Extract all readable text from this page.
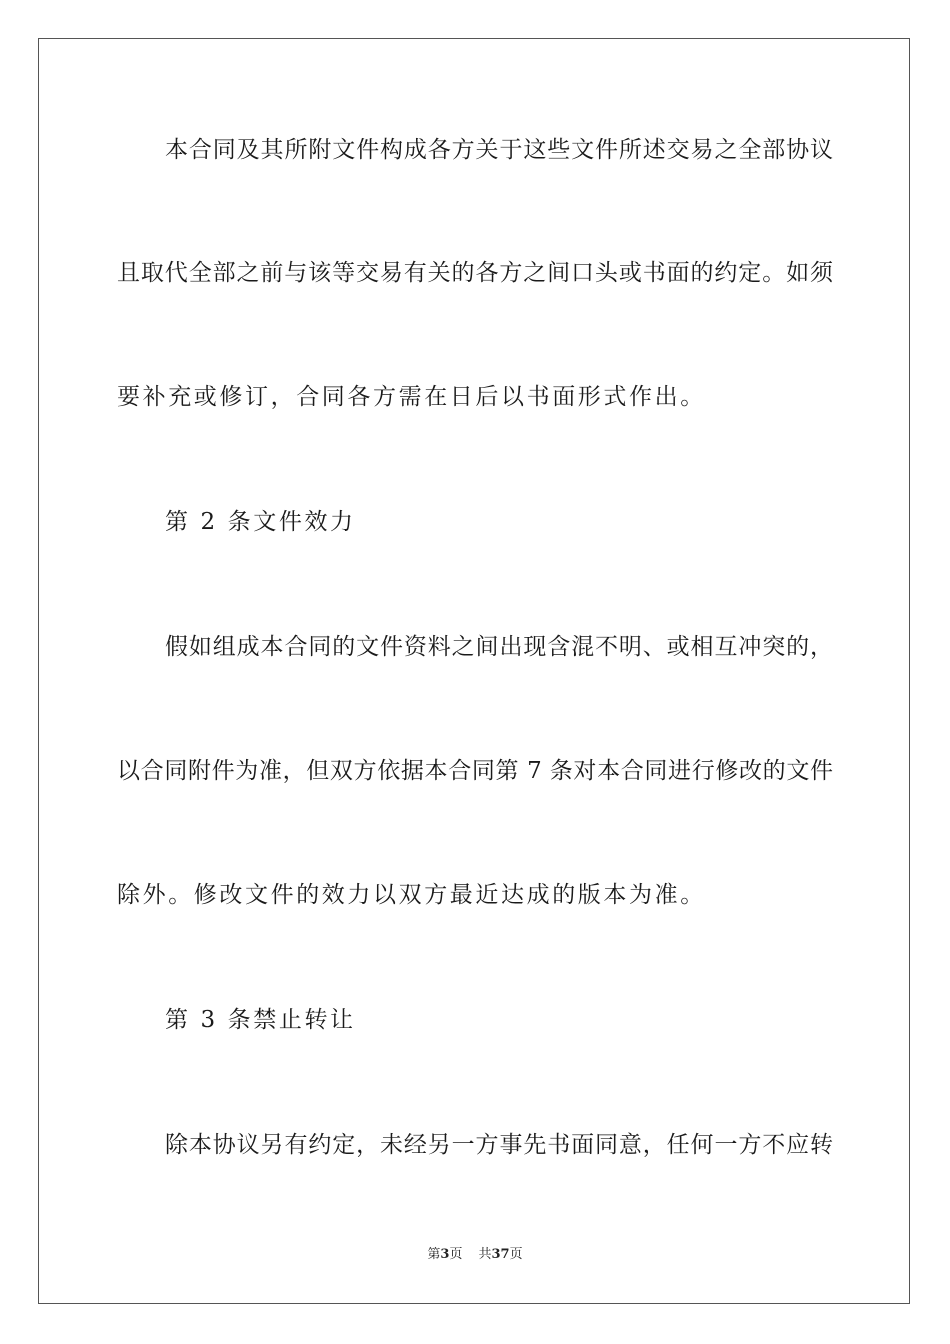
本合同及其所附文件构成各方关于这些文件所述交易之全部协议
且取代全部之前与该等交易有关的各方之间口头或书面的约定。如须
要补充或修订，合同各方需在日后以书面形式作出。
第 2 条文件效力
假如组成本合同的文件资料之间出现含混不明、或相互冲突的，
以合同附件为准，但双方依据本合同第 7 条对本合同进行修改的文件
除外。修改文件的效力以双方最近达成的版本为准。
第 3 条禁止转让
除本协议另有约定，未经另一方事先书面同意，任何一方不应转
第3页 共37页
